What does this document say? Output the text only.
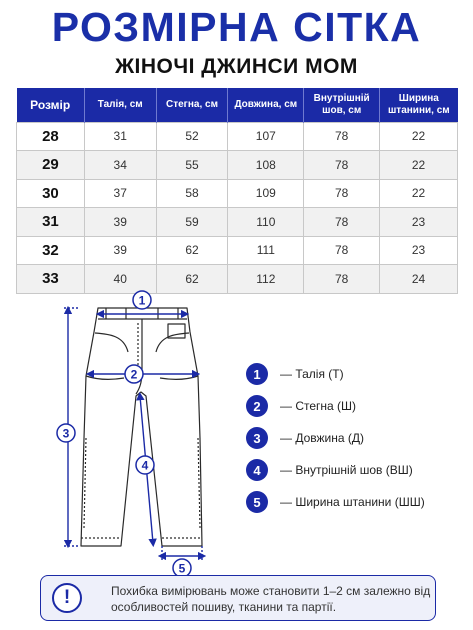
РОЗМІРНА СІТКА
ЖІНОЧІ ДЖИНСИ МОМ
Розмір	Талія, см	Стегна, см	Довжина, см	Внутрішній шов, см	Ширина штанини, см
28	31	52	107	78	22
29	34	55	108	78	22
30	37	58	109	78	22
31	39	59	110	78	23
32	39	62	111	78	23
33	40	62	112	78	24
1
2
3
4
5
1	— Талія (Т)
2	— Стегна (Ш)
3	— Довжина (Д)
4	— Внутрішній шов (ВШ)
5	— Ширина штанини (ШШ)
!	Похибка вимірювань може становити 1–2 см залежно від особливостей пошиву, тканини та партії.
